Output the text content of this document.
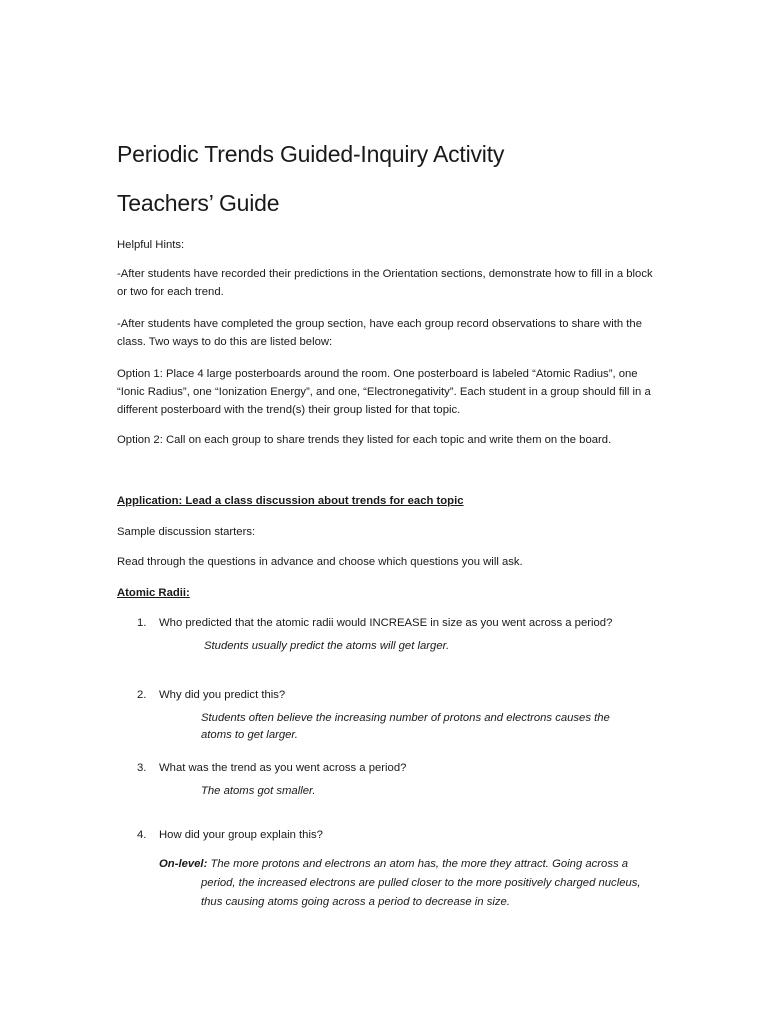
Periodic Trends Guided-Inquiry Activity
Teachers’ Guide

Helpful Hints:

-After students have recorded their predictions in the Orientation sections, demonstrate how to fill in a block or two for each trend.

-After students have completed the group section, have each group record observations to share with the class. Two ways to do this are listed below:

Option 1: Place 4 large posterboards around the room. One posterboard is labeled “Atomic Radius”, one “Ionic Radius”, one “Ionization Energy”, and one, “Electronegativity”. Each student in a group should fill in a different posterboard with the trend(s) their group listed for that topic.

Option 2: Call on each group to share trends they listed for each topic and write them on the board.

Application: Lead a class discussion about trends for each topic

Sample discussion starters:

Read through the questions in advance and choose which questions you will ask.

Atomic Radii:

1. Who predicted that the atomic radii would INCREASE in size as you went across a period?

Students usually predict the atoms will get larger.

2. Why did you predict this?

Students often believe the increasing number of protons and electrons causes the atoms to get larger.

3. What was the trend as you went across a period?

The atoms got smaller.

4. How did your group explain this?
On-level: The more protons and electrons an atom has, the more they attract. Going across a
period, the increased electrons are pulled closer to the more positively charged nucleus, thus causing atoms going across a period to decrease in size.
